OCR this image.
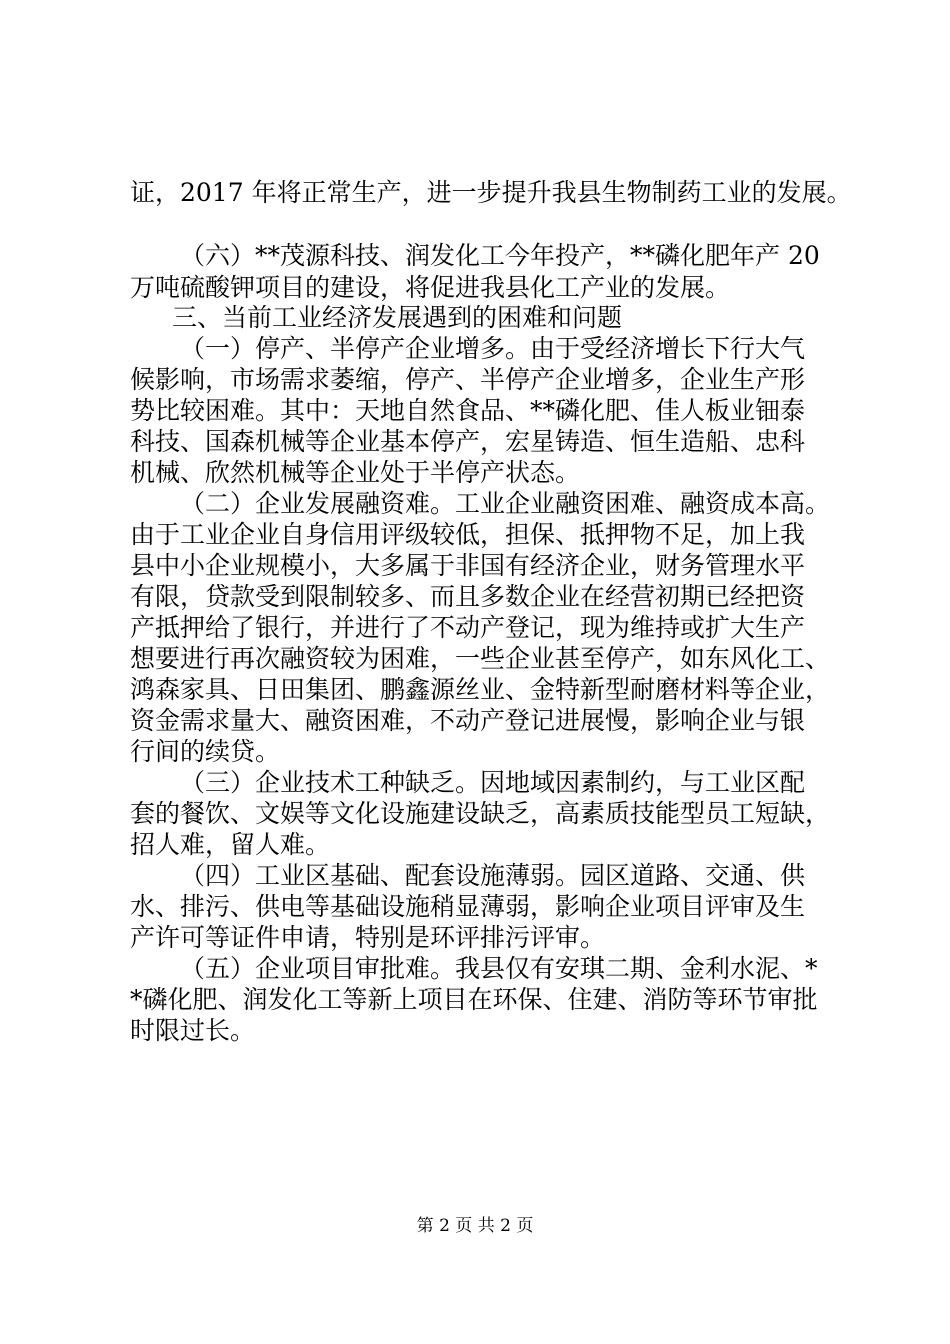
证，2017 年将正常生产，进一步提升我县生物制药工业的发展。
（六）**茂源科技、润发化工今年投产，**磷化肥年产 20
万吨硫酸钾项目的建设，将促进我县化工产业的发展。
三、当前工业经济发展遇到的困难和问题
（一）停产、半停产企业增多。由于受经济增长下行大气
候影响，市场需求萎缩，停产、半停产企业增多，企业生产形
势比较困难。其中：天地自然食品、**磷化肥、佳人板业钿泰
科技、国森机械等企业基本停产，宏星铸造、恒生造船、忠科
机械、欣然机械等企业处于半停产状态。
（二）企业发展融资难。工业企业融资困难、融资成本高。
由于工业企业自身信用评级较低，担保、抵押物不足，加上我
县中小企业规模小，大多属于非国有经济企业，财务管理水平
有限，贷款受到限制较多、而且多数企业在经营初期已经把资
产抵押给了银行，并进行了不动产登记，现为维持或扩大生产
想要进行再次融资较为困难，一些企业甚至停产，如东风化工、
鸿森家具、日田集团、鹏鑫源丝业、金特新型耐磨材料等企业，
资金需求量大、融资困难，不动产登记进展慢，影响企业与银
行间的续贷。
（三）企业技术工种缺乏。因地域因素制约，与工业区配
套的餐饮、文娱等文化设施建设缺乏，高素质技能型员工短缺，
招人难，留人难。
（四）工业区基础、配套设施薄弱。园区道路、交通、供
水、排污、供电等基础设施稍显薄弱，影响企业项目评审及生
产许可等证件申请，特别是环评排污评审。
（五）企业项目审批难。我县仅有安琪二期、金利水泥、*
*磷化肥、润发化工等新上项目在环保、住建、消防等环节审批
时限过长。
第 2 页 共 2 页
